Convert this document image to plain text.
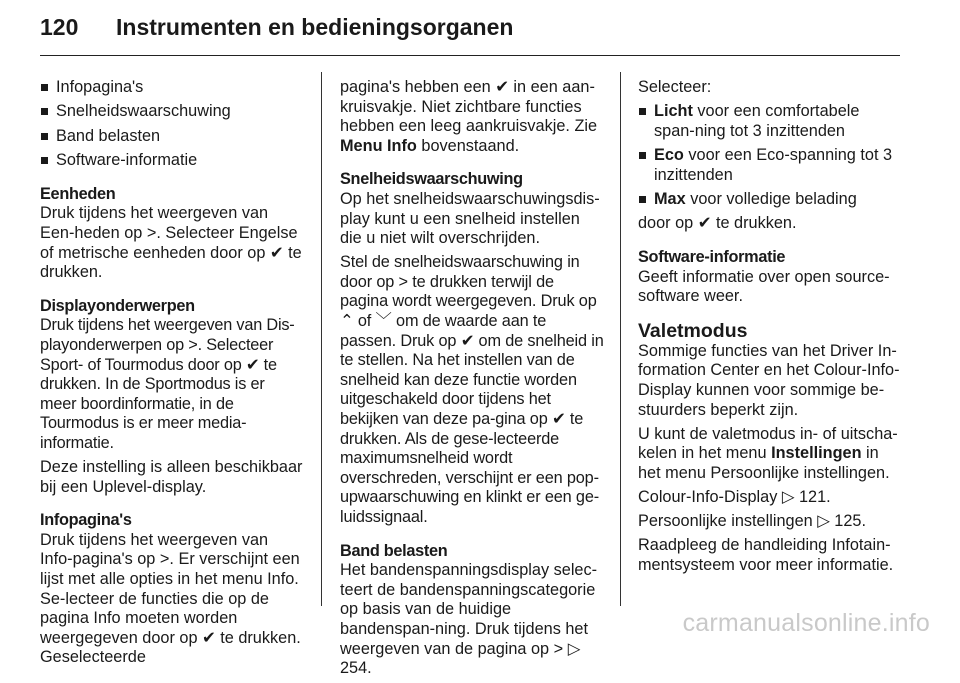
120	Instrumenten en bedieningsorganen
Infopagina's
Snelheidswaarschuwing
Band belasten
Software-informatie
Eenheden

Druk tijdens het weergeven van Een-heden op >. Selecteer Engelse of metrische eenheden door op ✔ te drukken.

Displayonderwerpen

Druk tijdens het weergeven van Dis-playonderwerpen op >. Selecteer Sport- of Tourmodus door op ✔ te drukken. In de Sportmodus is er meer boordinformatie, in de Tourmodus is er meer media-informatie.

Deze instelling is alleen beschikbaar bij een Uplevel-display.

Infopagina's

Druk tijdens het weergeven van Info-pagina's op >. Er verschijnt een lijst met alle opties in het menu Info. Se-lecteer de functies die op de pagina Info moeten worden weergegeven door op ✔ te drukken. Geselecteerde

pagina's hebben een ✔ in een aan-kruisvakje. Niet zichtbare functies hebben een leeg aankruisvakje. Zie Menu Info bovenstaand.

Snelheidswaarschuwing

Op het snelheidswaarschuwingsdis-play kunt u een snelheid instellen die u niet wilt overschrijden.

Stel de snelheidswaarschuwing in door op > te drukken terwijl de pagina wordt weergegeven. Druk op ⌃ of ﹀ om de waarde aan te passen. Druk op ✔ om de snelheid in te stellen. Na het instellen van de snelheid kan deze functie worden uitgeschakeld door tijdens het bekijken van deze pa-gina op ✔ te drukken. Als de gese-lecteerde maximumsnelheid wordt overschreden, verschijnt er een pop-upwaarschuwing en klinkt er een ge-luidssignaal.

Band belasten

Het bandenspanningsdisplay selec-teert de bandenspanningscategorie op basis van de huidige bandenspan-ning. Druk tijdens het weergeven van de pagina op > ▷ 254.

Selecteer:

Licht voor een comfortabele span-ning tot 3 inzittenden
Eco voor een Eco-spanning tot 3 inzittenden
Max voor volledige belading

door op ✔ te drukken.

Software-informatie

Geeft informatie over open source-software weer.

Valetmodus

Sommige functies van het Driver In-formation Center en het Colour-Info-Display kunnen voor sommige be-stuurders beperkt zijn.

U kunt de valetmodus in- of uitscha-kelen in het menu Instellingen in het menu Persoonlijke instellingen.

Colour-Info-Display ▷ 121.

Persoonlijke instellingen ▷ 125.

Raadpleeg de handleiding Infotain-mentsysteem voor meer informatie.

carmanualsonline.info
